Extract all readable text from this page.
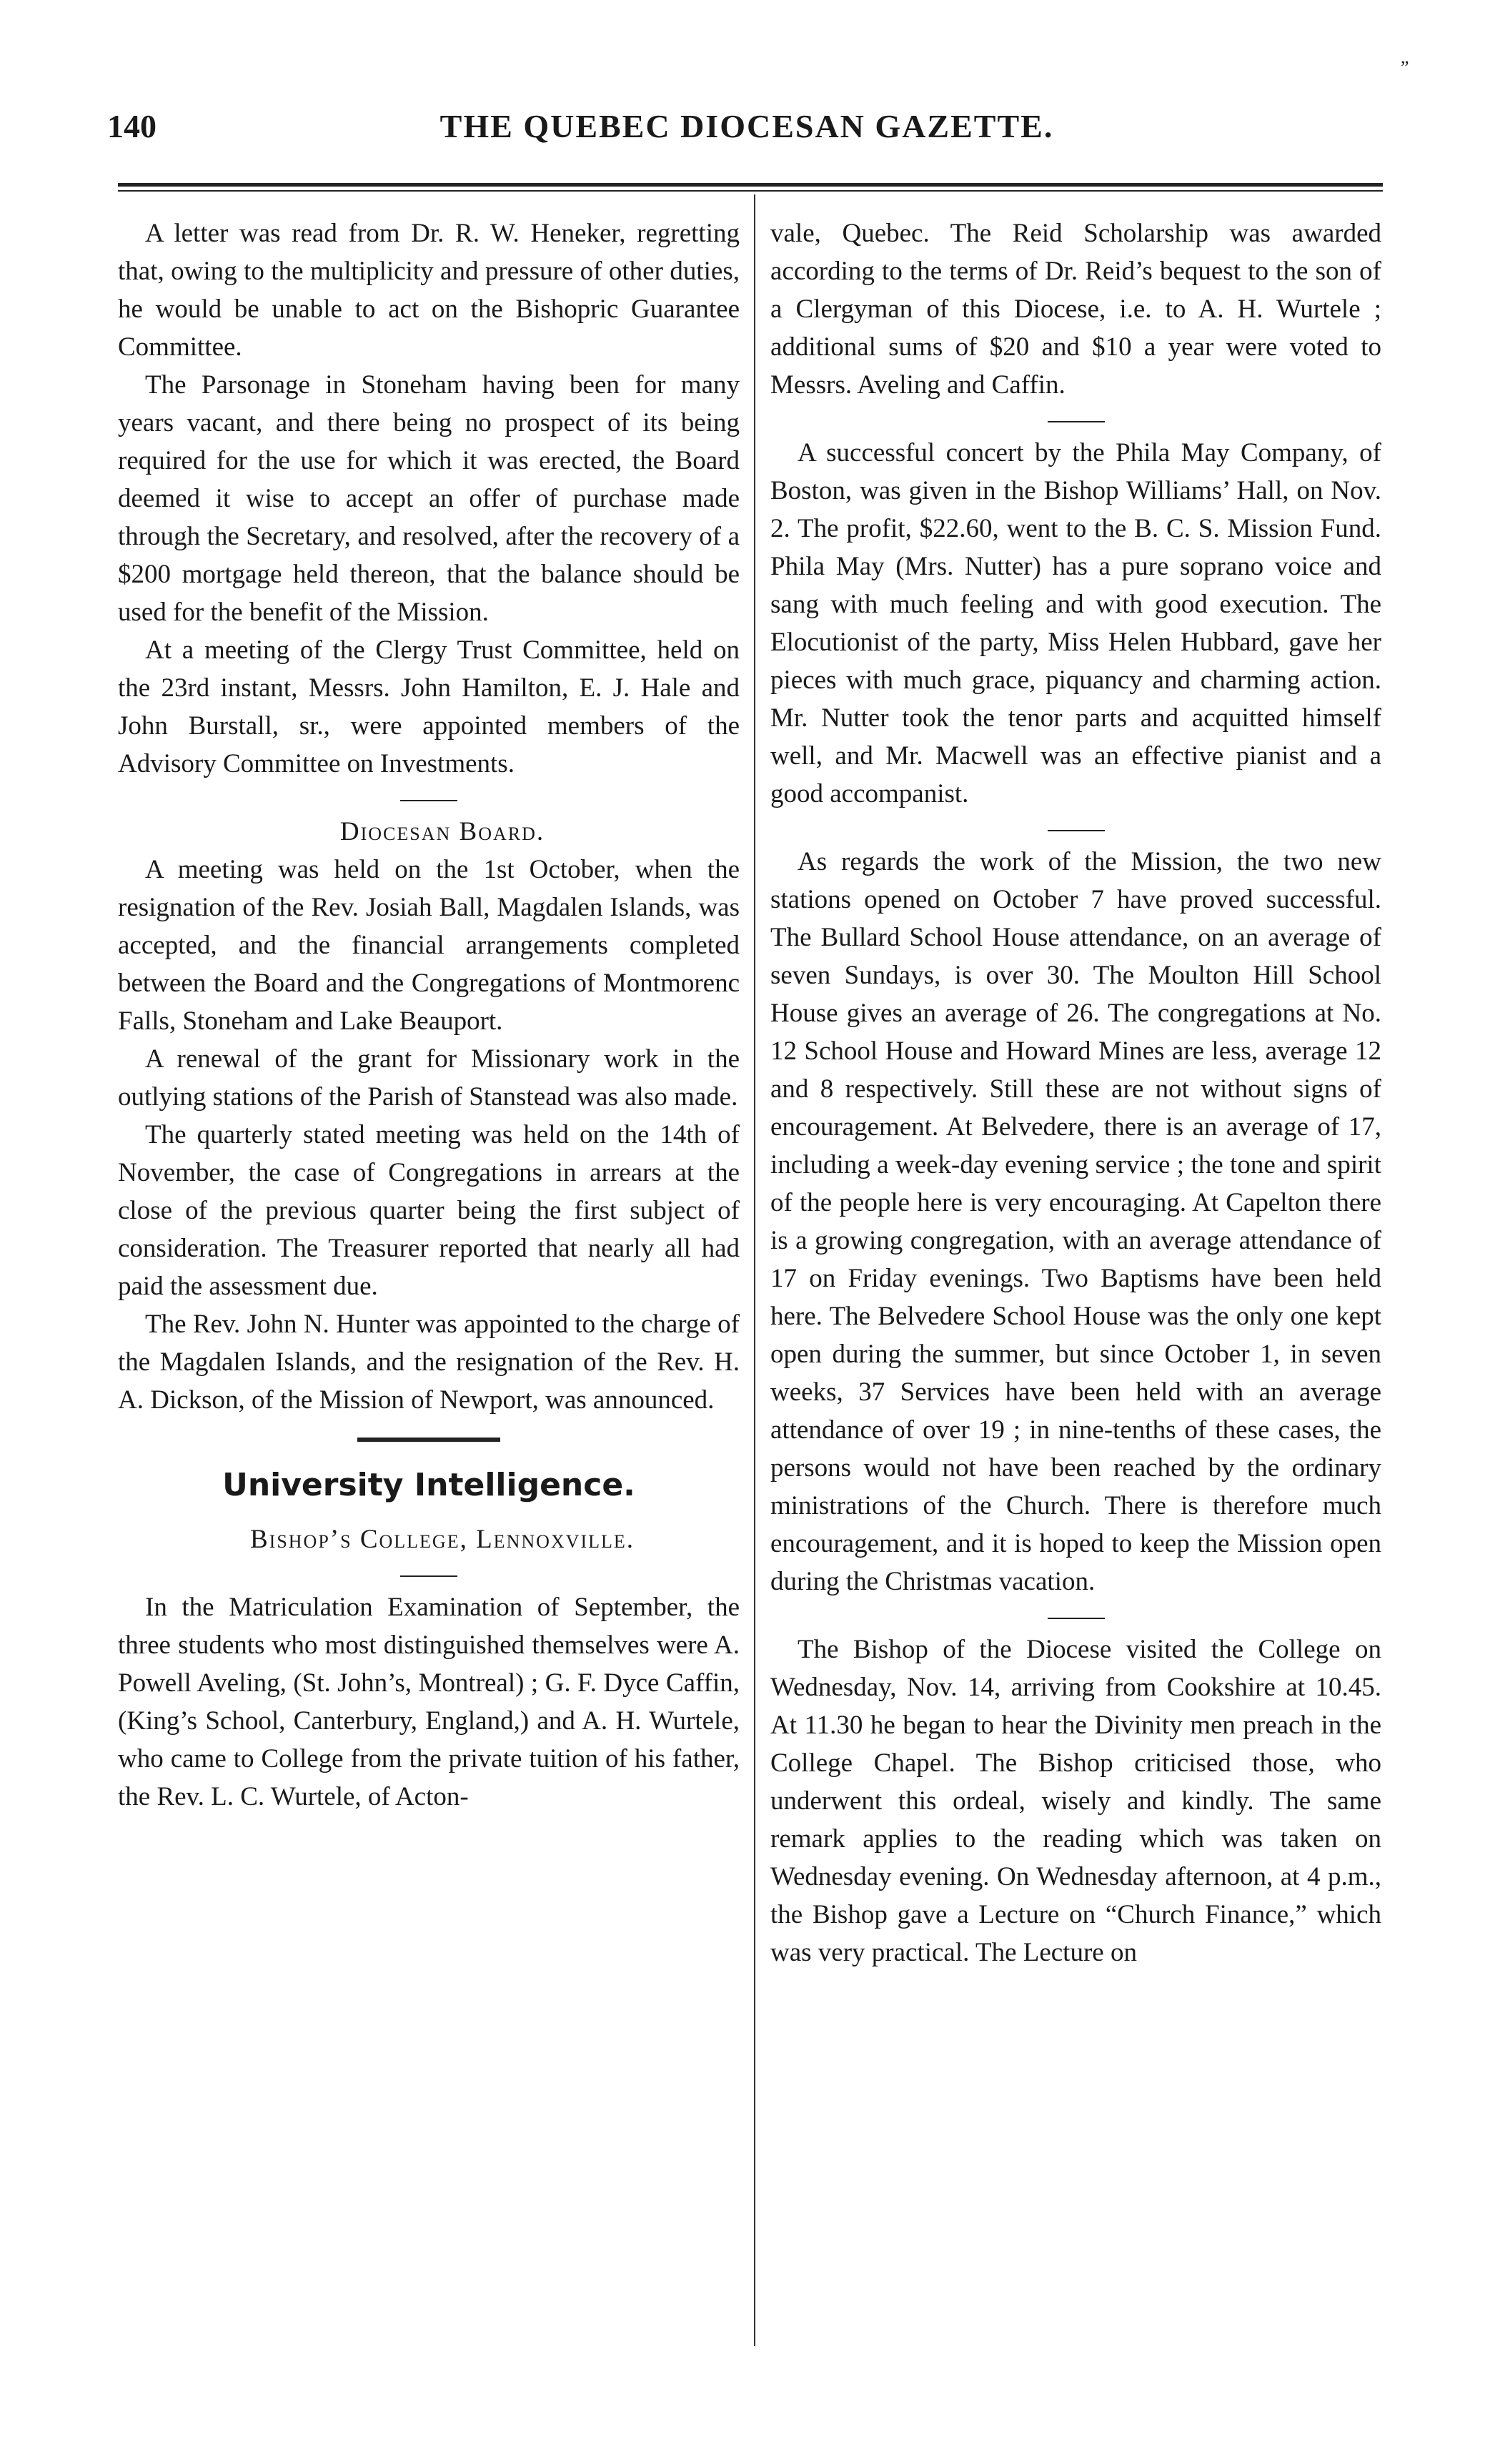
”
140	THE QUEBEC DIOCESAN GAZETTE.

A letter was read from Dr. R. W. Heneker, regretting that, owing to the multiplicity and pressure of other duties, he would be unable to act on the Bishopric Guarantee Committee.

The Parsonage in Stoneham having been for many years vacant, and there being no prospect of its being required for the use for which it was erected, the Board deemed it wise to accept an offer of purchase made through the Secretary, and resolved, after the recovery of a $200 mortgage held thereon, that the balance should be used for the benefit of the Mission.

At a meeting of the Clergy Trust Committee, held on the 23rd instant, Messrs. John Hamilton, E. J. Hale and John Burstall, sr., were appointed members of the Advisory Committee on Investments.

Diocesan Board.

A meeting was held on the 1st October, when the resignation of the Rev. Josiah Ball, Magdalen Islands, was accepted, and the financial arrangements completed between the Board and the Congregations of Montmorenc Falls, Stoneham and Lake Beauport.

A renewal of the grant for Missionary work in the outlying stations of the Parish of Stanstead was also made.

The quarterly stated meeting was held on the 14th of November, the case of Congregations in arrears at the close of the previous quarter being the first subject of consideration. The Treasurer reported that nearly all had paid the assessment due.

The Rev. John N. Hunter was appointed to the charge of the Magdalen Islands, and the resignation of the Rev. H. A. Dickson, of the Mission of Newport, was announced.

University Intelligence.

Bishop’s College, Lennoxville.

In the Matriculation Examination of September, the three students who most distinguished themselves were A. Powell Aveling, (St. John’s, Montreal) ; G. F. Dyce Caffin, (King’s School, Canterbury, England,) and A. H. Wurtele, who came to College from the private tuition of his father, the Rev. L. C. Wurtele, of Acton-

vale, Quebec. The Reid Scholarship was awarded according to the terms of Dr. Reid’s bequest to the son of a Clergyman of this Diocese, i.e. to A. H. Wurtele ; additional sums of $20 and $10 a year were voted to Messrs. Aveling and Caffin.

A successful concert by the Phila May Company, of Boston, was given in the Bishop Williams’ Hall, on Nov. 2. The profit, $22.60, went to the B. C. S. Mission Fund. Phila May (Mrs. Nutter) has a pure soprano voice and sang with much feeling and with good execution. The Elocutionist of the party, Miss Helen Hubbard, gave her pieces with much grace, piquancy and charming action. Mr. Nutter took the tenor parts and acquitted himself well, and Mr. Macwell was an effective pianist and a good accompanist.

As regards the work of the Mission, the two new stations opened on October 7 have proved successful. The Bullard School House attendance, on an average of seven Sundays, is over 30. The Moulton Hill School House gives an average of 26. The congregations at No. 12 School House and Howard Mines are less, average 12 and 8 respectively. Still these are not without signs of encouragement. At Belvedere, there is an average of 17, including a week-day evening service ; the tone and spirit of the people here is very encouraging. At Capelton there is a growing congregation, with an average attendance of 17 on Friday evenings. Two Baptisms have been held here. The Belvedere School House was the only one kept open during the summer, but since October 1, in seven weeks, 37 Services have been held with an average attendance of over 19 ; in nine-tenths of these cases, the persons would not have been reached by the ordinary ministrations of the Church. There is therefore much encouragement, and it is hoped to keep the Mission open during the Christmas vacation.

The Bishop of the Diocese visited the College on Wednesday, Nov. 14, arriving from Cookshire at 10.45. At 11.30 he began to hear the Divinity men preach in the College Chapel. The Bishop criticised those, who underwent this ordeal, wisely and kindly. The same remark applies to the reading which was taken on Wednesday evening. On Wednesday afternoon, at 4 p.m., the Bishop gave a Lecture on “Church Finance,” which was very practical. The Lecture on
